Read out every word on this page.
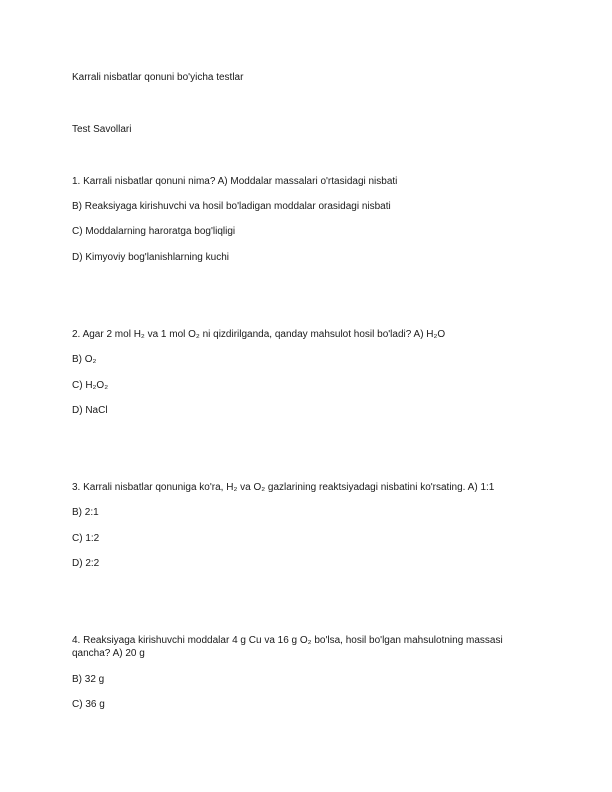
Karrali nisbatlar qonuni bo'yicha testlar
Test Savollari
1. Karrali nisbatlar qonuni nima? A) Moddalar massalari o'rtasidagi nisbati
B) Reaksiyaga kirishuvchi va hosil bo'ladigan moddalar orasidagi nisbati
C) Moddalarning haroratga bog'liqligi
D) Kimyoviy bog'lanishlarning kuchi
2. Agar 2 mol H₂ va 1 mol O₂ ni qizdirilganda, qanday mahsulot hosil bo'ladi? A) H₂O
B) O₂
C) H₂O₂
D) NaCl
3. Karrali nisbatlar qonuniga ko'ra, H₂ va O₂ gazlarining reaktsiyadagi nisbatini ko'rsating. A) 1:1
B) 2:1
C) 1:2
D) 2:2
4. Reaksiyaga kirishuvchi moddalar 4 g Cu va 16 g O₂ bo'lsa, hosil bo'lgan mahsulotning massasi qancha? A) 20 g
B) 32 g
C) 36 g
